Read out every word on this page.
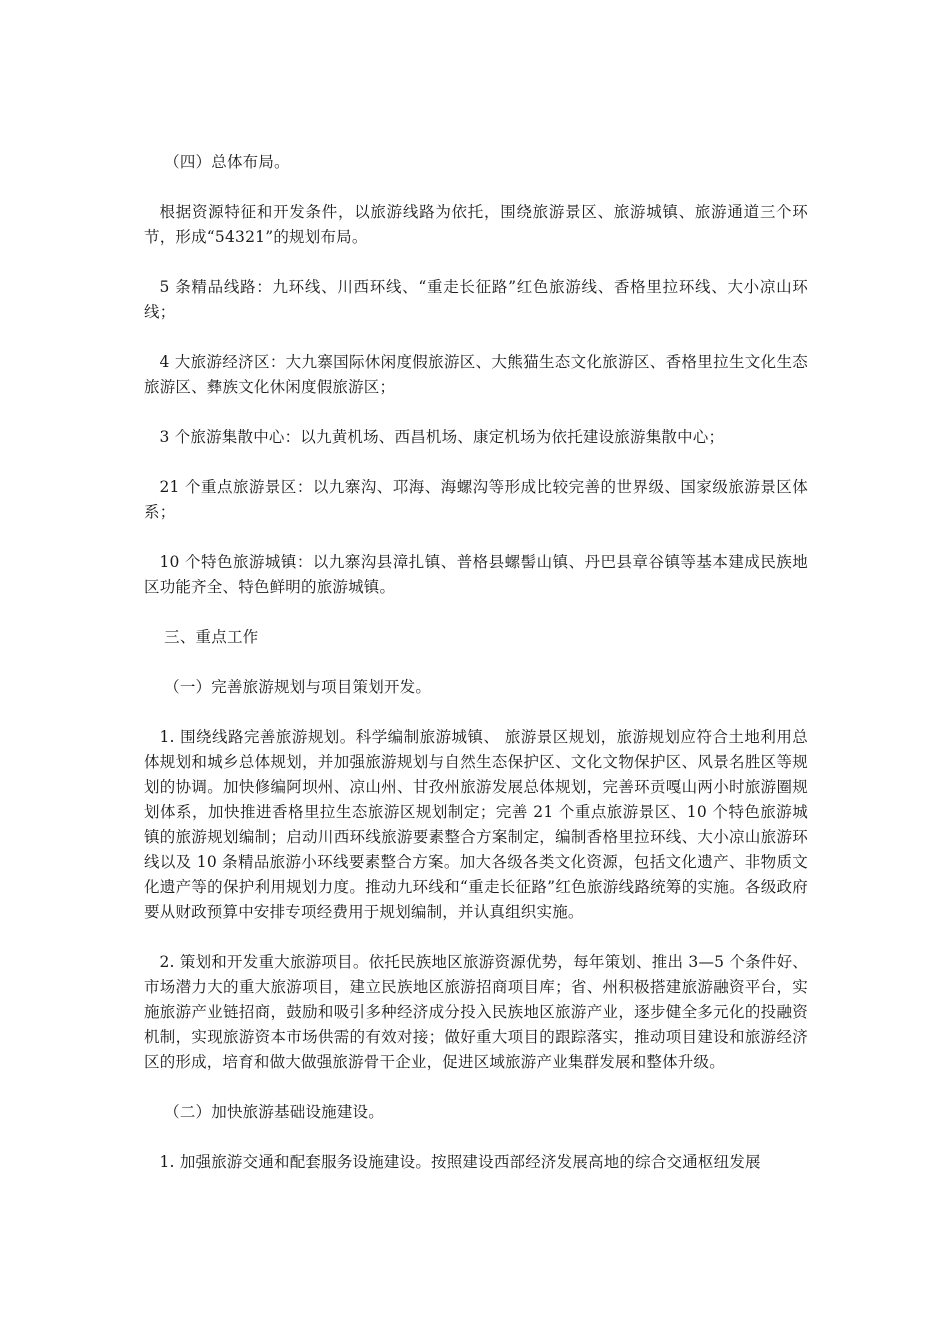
（四）总体布局。

根据资源特征和开发条件，以旅游线路为依托，围绕旅游景区、旅游城镇、旅游通道三个环节，形成“54321”的规划布局。

5 条精品线路：九环线、川西环线、“重走长征路”红色旅游线、香格里拉环线、大小凉山环线；

4 大旅游经济区：大九寨国际休闲度假旅游区、大熊猫生态文化旅游区、香格里拉生文化生态旅游区、彝族文化休闲度假旅游区；

3 个旅游集散中心：以九黄机场、西昌机场、康定机场为依托建设旅游集散中心；

21 个重点旅游景区：以九寨沟、邛海、海螺沟等形成比较完善的世界级、国家级旅游景区体系；

10 个特色旅游城镇：以九寨沟县漳扎镇、普格县螺髻山镇、丹巴县章谷镇等基本建成民族地区功能齐全、特色鲜明的旅游城镇。

三、重点工作

（一）完善旅游规划与项目策划开发。

1. 围绕线路完善旅游规划。科学编制旅游城镇、 旅游景区规划，旅游规划应符合土地利用总体规划和城乡总体规划，并加强旅游规划与自然生态保护区、文化文物保护区、风景名胜区等规划的协调。加快修编阿坝州、凉山州、甘孜州旅游发展总体规划，完善环贡嘎山两小时旅游圈规划体系，加快推进香格里拉生态旅游区规划制定；完善 21 个重点旅游景区、10 个特色旅游城镇的旅游规划编制；启动川西环线旅游要素整合方案制定，编制香格里拉环线、大小凉山旅游环线以及 10 条精品旅游小环线要素整合方案。加大各级各类文化资源，包括文化遗产、非物质文化遗产等的保护利用规划力度。推动九环线和“重走长征路”红色旅游线路统筹的实施。各级政府要从财政预算中安排专项经费用于规划编制，并认真组织实施。

2. 策划和开发重大旅游项目。依托民族地区旅游资源优势，每年策划、推出 3—5 个条件好、市场潜力大的重大旅游项目，建立民族地区旅游招商项目库；省、州积极搭建旅游融资平台，实施旅游产业链招商，鼓励和吸引多种经济成分投入民族地区旅游产业，逐步健全多元化的投融资机制，实现旅游资本市场供需的有效对接；做好重大项目的跟踪落实，推动项目建设和旅游经济区的形成，培育和做大做强旅游骨干企业，促进区域旅游产业集群发展和整体升级。

（二）加快旅游基础设施建设。

1. 加强旅游交通和配套服务设施建设。按照建设西部经济发展高地的综合交通枢纽发展
